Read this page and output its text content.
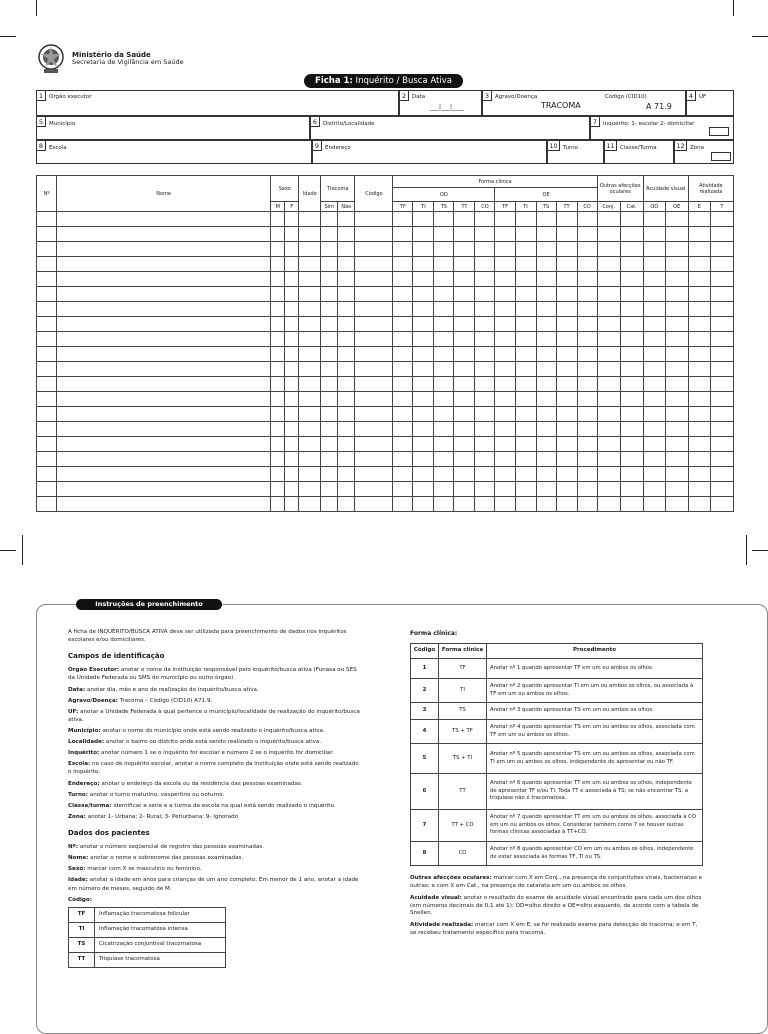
Ministério da Saúde
Secretaria de Vigilância em Saúde
Ficha 1: Inquérito / Busca Ativa
1	Orgão executor	2	Data
___|___|____
3	Agravo/Doença
TRACOMA
Código (CID10)
A 71.9
4	UF
5	Município	6	Distrito/Localidade	7	Inquérito: 1- escolar 2- domiciliar
8	Escola	9	Endereço	10 Turno	11 Classe/Turma	12 Zona
Nº	Nome	Sexo		Idade	Tracoma		Código	Forma clínica										Outras afecções oculares		Acuidade visual		Atividade realizada	
								OD					OE										
		M	F		Sim	Não		TF	TI	TS	TT	CO	TF	TI	TS	TT	CO	Conj.	Cat.	OD	OE	E	T

Instruções de preenchimento

A ficha de INQUÉRITO/BUSCA ATIVA deve ser utilizada para preenchimento de dados nos inquéritos escolares e/ou domiciliares.

Campos de identificação

Orgão Executor: anotar o nome da instituição responsável pelo inquérito/busca ativa (Funasa ou SES da Unidade Federada ou SMS do município ou outro órgao).

Data: anotar dia, mês e ano de realização do inquérito/busca ativa.

Agravo/Doença: Tracoma – Código (CID10) A71.9.

UF: anotar a Unidade Federada à qual pertence o município/localidade de realização do inquérito/busca ativa.

Município: anotar o nome do município onde está sendo realizado o inquérito/busca ativa.

Localidade: anotar o bairro ou distrito onde está sendo realizado o inquérito/busca ativa.

Inquérito: anotar número 1 se o inquérito for escolar e número 2 se o inquérito for domiciliar.

Escola: no caso de inquérito escolar, anotar o nome completo da instituição onde está sendo realizado o inquérito.

Endereço: anotar o endereço da escola ou da residência das pessoas examinadas.

Turno: anotar o turno matutino, vespertino ou noturno.

Classe/turma: identificar a série e a turma da escola na qual está sendo realizado o inquérito.

Zona: anotar 1- Urbana; 2- Rural; 3- Periurbana; 9- Ignorado

Dados dos pacientes

Nº: anotar o número seqüencial de registro das pessoas examinadas.

Nome: anotar o nome e sobrenome das pessoas examinadas.

Sexo: marcar com X se masculino ou feminino.

Idade: anotar a idade em anos para crianças de um ano completo. Em menor de 1 ano, anotar a idade em número de meses, seguido de M.

Código:

TF	Inflamação tracomatosa folicular
TI	Inflamação tracomatosa intensa
TS	Cicatrização conjuntival tracomatosa
TT	Triquíase tracomatosa
Forma clínica:
Código	Forma clínica	Procedimento
1	TF	Anotar nº 1 quando apresentar TF em um ou ambos os olhos.
2	TI	Anotar nº 2 quando apresentar TI em um ou ambos os olhos, ou associada à TF em um ou ambos os olhos.
3	TS	Anotar nº 3 quando apresentar TS em um ou ambos os olhos.
4	TS + TF	Anotar nº 4 quando apresentar TS em um ou ambos os olhos, associada com TF em um ou ambos os olhos.
5	TS + TI	Anotar nº 5 quando apresentar TS em um ou ambos os olhos, associada com TI em um ou ambos os olhos, independente de apresentar ou não TF.
6	TT	Anotar nº 6 quando apresentar TT em um ou ambos os olhos, independente de apresentar TF e/ou TI. Toda TT é associada à TS; se não encontrar TS, a triquíase não é tracomatosa.
7	TT + CO	Anotar nº 7 quando apresentar TT em um ou ambos os olhos, associada à CO em um ou ambos os olhos. Considerar também como 7 se houver outras formas clínicas associadas à TT+CO.
8	CO	Anotar nº 8 quando apresentar CO em um ou ambos os olhos, independente de estar associada às formas TF, TI ou TS.

Outras afecções oculares: marcar com X em Conj., na presença de conjuntivites virais, bacterianas e outras; e com X em Cat., na presença de catarata em um ou ambos os olhos.

Acuidade visual: anotar o resultado do exame de acuidade visual encontrado para cada um dos olhos (em números decimais de 0,1 até 1): OD=olho direito e OE=olho esquerdo, de acordo com a tabela de Snellen.

Atividade realizada: marcar com X em E, se foi realizado exame para detecção do tracoma; e em T, se recebeu tratamento específico para tracoma.
